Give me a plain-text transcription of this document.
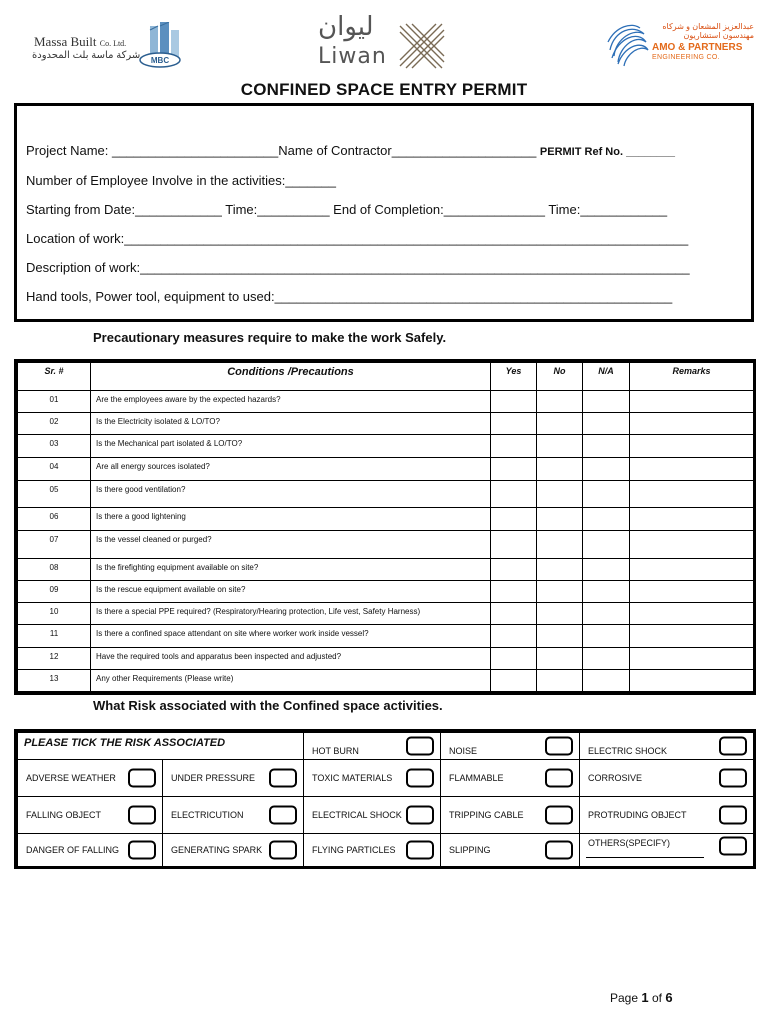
Massa Built Co. Ltd.
شركة ماسة بلت المحدودة MBC
ليوان
Liwan
عبدالعزيز المشعان و شركاه
مهندسون استشاريون
AMO & PARTNERS
ENGINEERING CO.
CONFINED SPACE ENTRY PERMIT
Project Name: _______________________Name of Contractor____________________ PERMIT Ref No. ________
Number of Employee Involve in the activities:_______
Starting from Date:____________ Time:__________ End of Completion:______________ Time:____________
Location of work:______________________________________________________________________________
Description of work:____________________________________________________________________________
Hand tools, Power tool, equipment to used:_______________________________________________________
Precautionary measures require to make the work Safely.
Sr. #	Conditions /Precautions	Yes	No	N/A	Remarks
01	Are the employees aware by the expected hazards?				
02	Is the Electricity isolated & LO/TO?				
03	Is the Mechanical part isolated & LO/TO?				
04	Are all energy sources isolated?				
05	Is there good ventilation?				
06	Is there a good lightening				
07	Is the vessel cleaned or purged?				
08	Is the firefighting equipment available on site?				
09	Is the rescue equipment available on site?				
10	Is there a special PPE required? (Respiratory/Hearing protection, Life vest, Safety Harness)				
11	Is there a confined space attendant on site where worker work inside vessel?				
12	Have the required tools and apparatus been inspected and adjusted?				
13	Any other Requirements (Please write)				
What Risk associated with the Confined space activities.
PLEASE TICK THE RISK ASSOCIATED		HOT BURN	NOISE	ELECTRIC SHOCK

ADVERSE WEATHER	UNDER PRESSURE	TOXIC MATERIALS	FLAMMABLE	CORROSIVE

FALLING OBJECT	ELECTRICUTION	ELECTRICAL SHOCK	TRIPPING CABLE	PROTRUDING OBJECT

DANGER OF FALLING	GENERATING SPARK	FLYING PARTICLES	SLIPPING	OTHERS(SPECIFY)
Page 1 of 6
